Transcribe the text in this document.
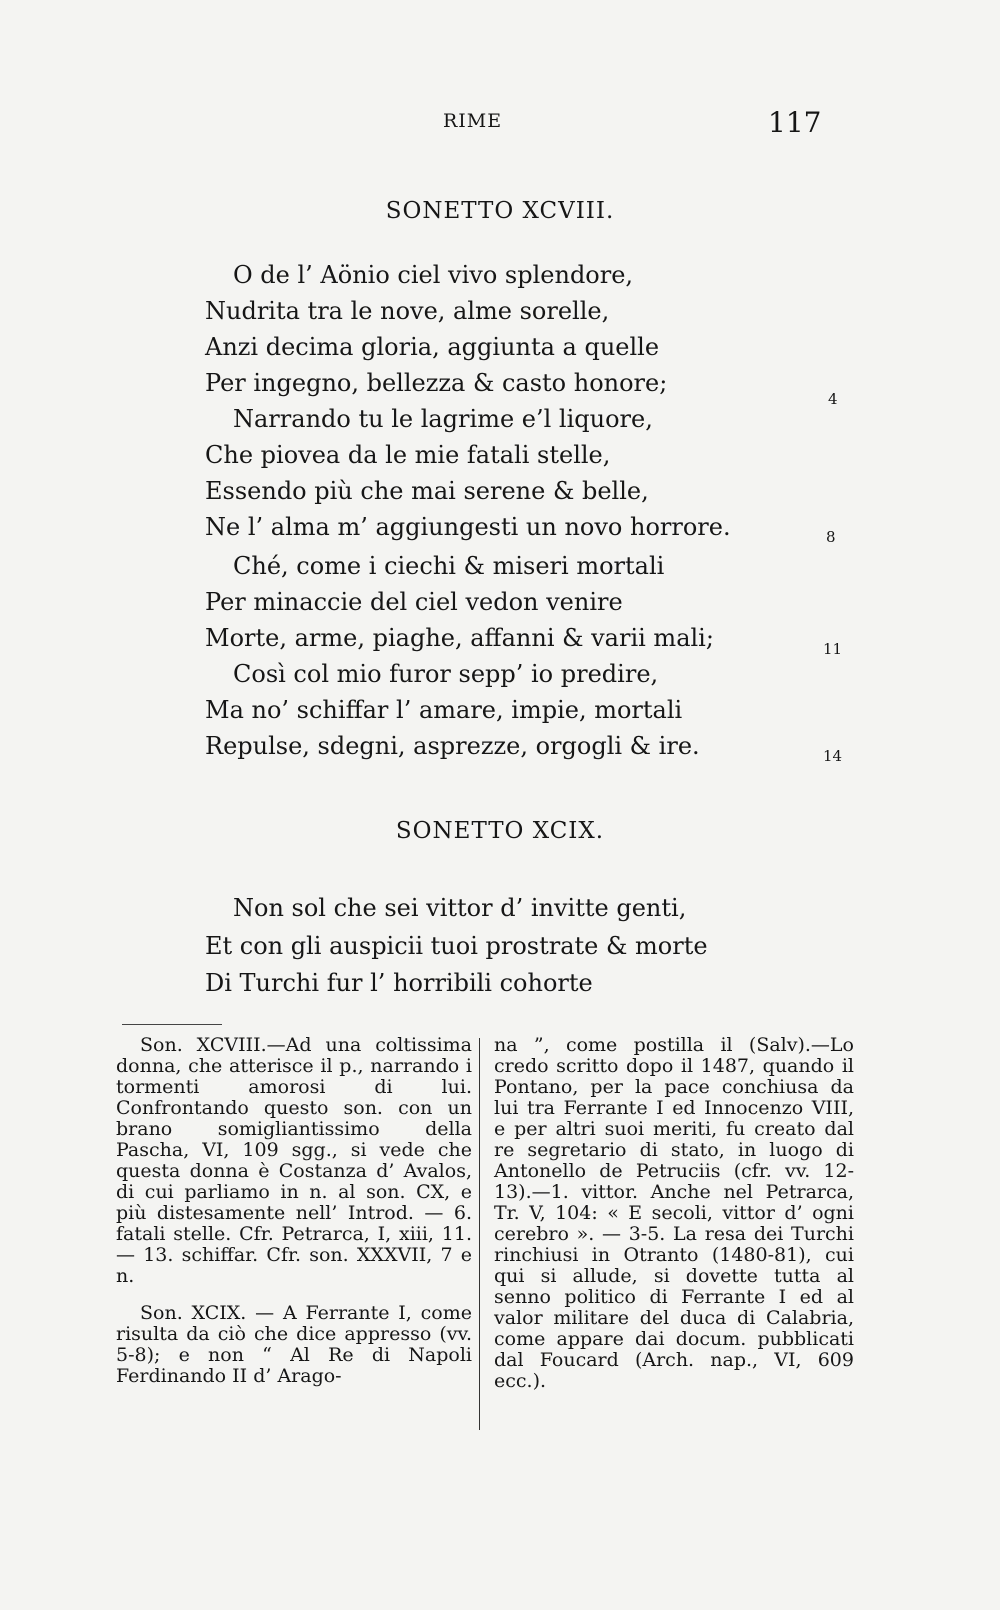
RIME	117
SONETTO XCVIII.
O de l’ Aönio ciel vivo splendore,
Nudrita tra le nove, alme sorelle,
Anzi decima gloria, aggiunta a quelle
Per ingegno, bellezza & casto honore;
Narrando tu le lagrime e’l liquore,
Che piovea da le mie fatali stelle,
Essendo più che mai serene & belle,
Ne l’ alma m’ aggiungesti un novo horrore.
Ché, come i ciechi & miseri mortali
Per minaccie del ciel vedon venire
Morte, arme, piaghe, affanni & varii mali;
Così col mio furor sepp’ io predire,
Ma no’ schiffar l’ amare, impie, mortali
Repulse, sdegni, asprezze, orgogli & ire.
4
8
11
14
SONETTO XCIX.
Non sol che sei vittor d’ invitte genti,
Et con gli auspicii tuoi prostrate & morte
Di Turchi fur l’ horribili cohorte

Son. XCVIII.—Ad una coltissima donna, che atterisce il p., narrando i tormenti amorosi di lui. Confrontando questo son. con un brano somigliantissimo della Pascha, VI, 109 sgg., si vede che questa donna è Costanza d’ Avalos, di cui parliamo in n. al son. CX, e più distesamente nell’ Introd. — 6. fatali stelle. Cfr. Petrarca, I, xiii, 11. — 13. schiffar. Cfr. son. XXXVII, 7 e n.

Son. XCIX. — A Ferrante I, come risulta da ciò che dice appresso (vv. 5-8); e non “ Al Re di Napoli Ferdinando II d’ Arago-

na ”, come postilla il (Salv).—Lo credo scritto dopo il 1487, quando il Pontano, per la pace conchiusa da lui tra Ferrante I ed Innocenzo VIII, e per altri suoi meriti, fu creato dal re segretario di stato, in luogo di Antonello de Petruciis (cfr. vv. 12-13).—1. vittor. Anche nel Petrarca, Tr. V, 104: « E secoli, vittor d’ ogni cerebro ». — 3-5. La resa dei Turchi rinchiusi in Otranto (1480-81), cui qui si allude, si dovette tutta al senno politico di Ferrante I ed al valor militare del duca di Calabria, come appare dai docum. pubblicati dal Foucard (Arch. nap., VI, 609 ecc.).
